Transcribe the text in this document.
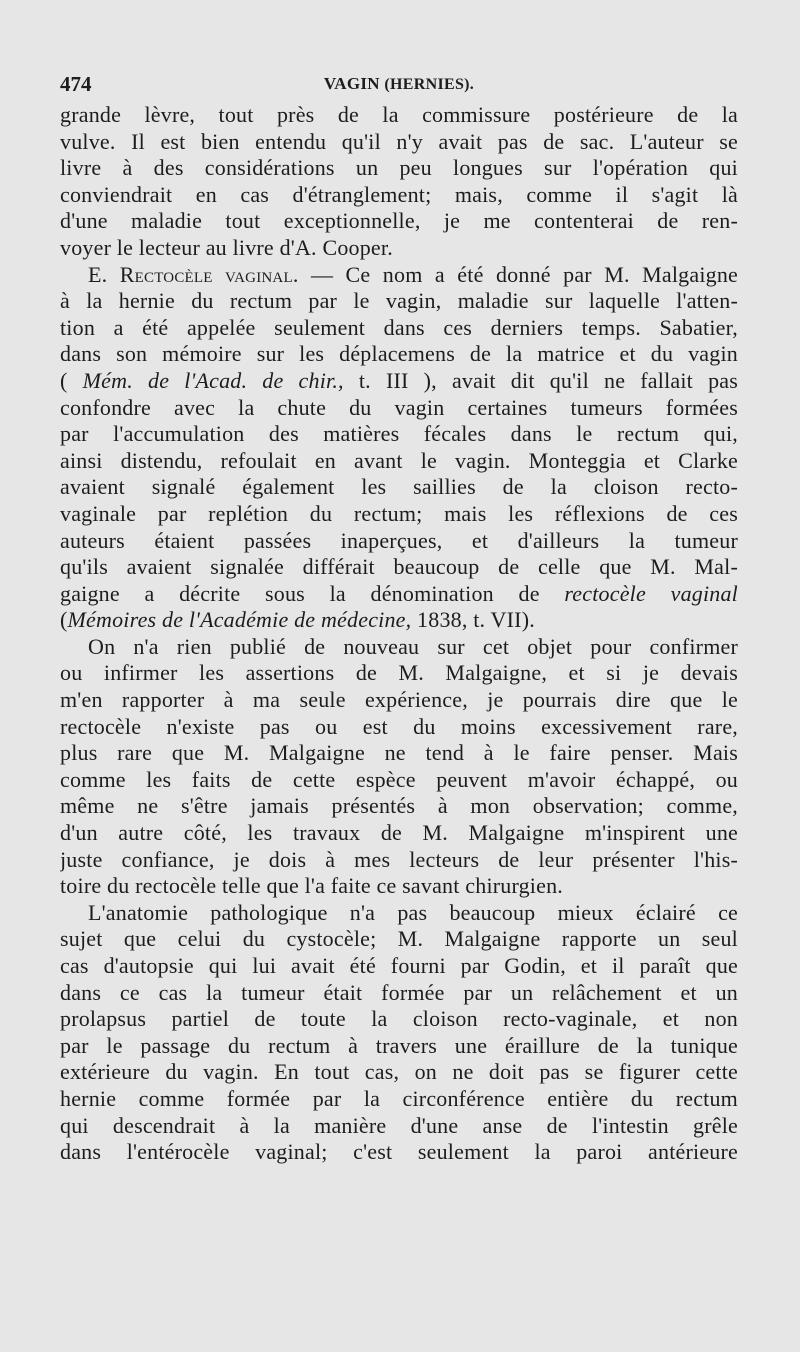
474	VAGIN (HERNIES).
grande lèvre, tout près de la commissure postérieure de la
vulve. Il est bien entendu qu'il n'y avait pas de sac. L'auteur se
livre à des considérations un peu longues sur l'opération qui
conviendrait en cas d'étranglement; mais, comme il s'agit là
d'une maladie tout exceptionnelle, je me contenterai de ren-
voyer le lecteur au livre d'A. Cooper.
E. Rectocèle vaginal. — Ce nom a été donné par M. Malgaigne
à la hernie du rectum par le vagin, maladie sur laquelle l'atten-
tion a été appelée seulement dans ces derniers temps. Sabatier,
dans son mémoire sur les déplacemens de la matrice et du vagin
( Mém. de l'Acad. de chir., t. III ), avait dit qu'il ne fallait pas
confondre avec la chute du vagin certaines tumeurs formées
par l'accumulation des matières fécales dans le rectum qui,
ainsi distendu, refoulait en avant le vagin. Monteggia et Clarke
avaient signalé également les saillies de la cloison recto-
vaginale par replétion du rectum; mais les réflexions de ces
auteurs étaient passées inaperçues, et d'ailleurs la tumeur
qu'ils avaient signalée différait beaucoup de celle que M. Mal-
gaigne a décrite sous la dénomination de rectocèle vaginal
(Mémoires de l'Académie de médecine, 1838, t. VII).
On n'a rien publié de nouveau sur cet objet pour confirmer
ou infirmer les assertions de M. Malgaigne, et si je devais
m'en rapporter à ma seule expérience, je pourrais dire que le
rectocèle n'existe pas ou est du moins excessivement rare,
plus rare que M. Malgaigne ne tend à le faire penser. Mais
comme les faits de cette espèce peuvent m'avoir échappé, ou
même ne s'être jamais présentés à mon observation; comme,
d'un autre côté, les travaux de M. Malgaigne m'inspirent une
juste confiance, je dois à mes lecteurs de leur présenter l'his-
toire du rectocèle telle que l'a faite ce savant chirurgien.
L'anatomie pathologique n'a pas beaucoup mieux éclairé ce
sujet que celui du cystocèle; M. Malgaigne rapporte un seul
cas d'autopsie qui lui avait été fourni par Godin, et il paraît que
dans ce cas la tumeur était formée par un relâchement et un
prolapsus partiel de toute la cloison recto-vaginale, et non
par le passage du rectum à travers une éraillure de la tunique
extérieure du vagin. En tout cas, on ne doit pas se figurer cette
hernie comme formée par la circonférence entière du rectum
qui descendrait à la manière d'une anse de l'intestin grêle
dans l'entérocèle vaginal; c'est seulement la paroi antérieure
